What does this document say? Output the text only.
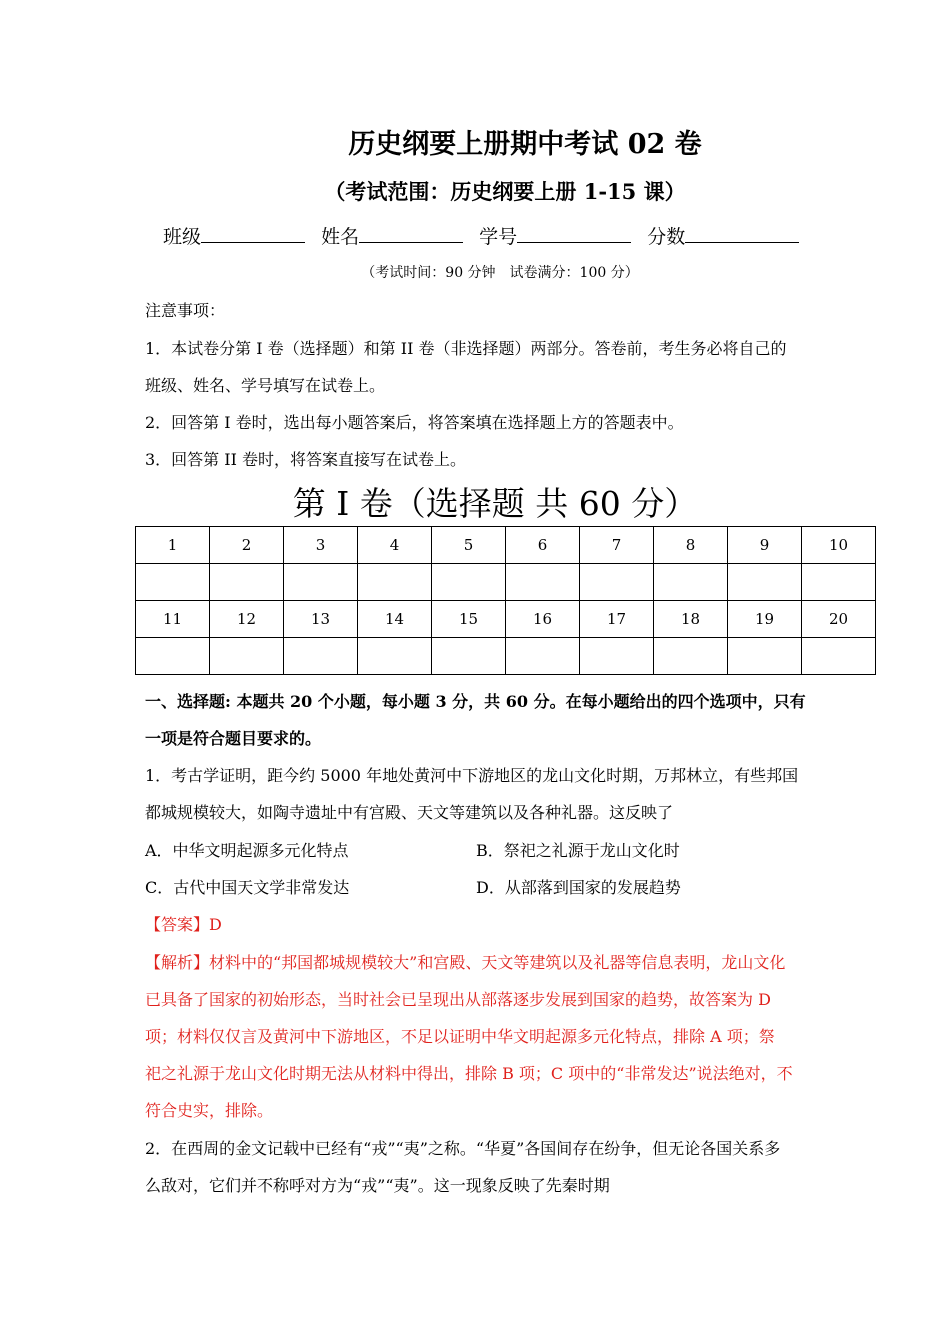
历史纲要上册期中考试 02 卷
（考试范围：历史纲要上册 1-15 课）
班级	姓名	学号	分数
（考试时间：90 分钟　试卷满分：100 分）
注意事项：
1．本试卷分第 I 卷（选择题）和第 II 卷（非选择题）两部分。答卷前，考生务必将自己的
班级、姓名、学号填写在试卷上。
2．回答第 I 卷时，选出每小题答案后，将答案填在选择题上方的答题表中。
3．回答第 II 卷时，将答案直接写在试卷上。
第 I 卷（选择题 共 60 分）
1	2	3	4	5	6	7	8	9	10

11	12	13	14	15	16	17	18	19	20

一、选择题: 本题共 20 个小题，每小题 3 分，共 60 分。在每小题给出的四个选项中，只有
一项是符合题目要求的。
1．考古学证明，距今约 5000 年地处黄河中下游地区的龙山文化时期，万邦林立，有些邦国
都城规模较大，如陶寺遗址中有宫殿、天文等建筑以及各种礼器。这反映了
A．中华文明起源多元化特点	B．祭祀之礼源于龙山文化时
C．古代中国天文学非常发达	D．从部落到国家的发展趋势
【答案】D
【解析】材料中的“邦国都城规模较大”和宫殿、天文等建筑以及礼器等信息表明，龙山文化
已具备了国家的初始形态，当时社会已呈现出从部落逐步发展到国家的趋势，故答案为 D
项；材料仅仅言及黄河中下游地区，不足以证明中华文明起源多元化特点，排除 A 项；祭
祀之礼源于龙山文化时期无法从材料中得出，排除 B 项；C 项中的“非常发达”说法绝对，不
符合史实，排除。
2．在西周的金文记载中已经有“戎”“夷”之称。“华夏”各国间存在纷争，但无论各国关系多
么敌对，它们并不称呼对方为“戎”“夷”。这一现象反映了先秦时期
